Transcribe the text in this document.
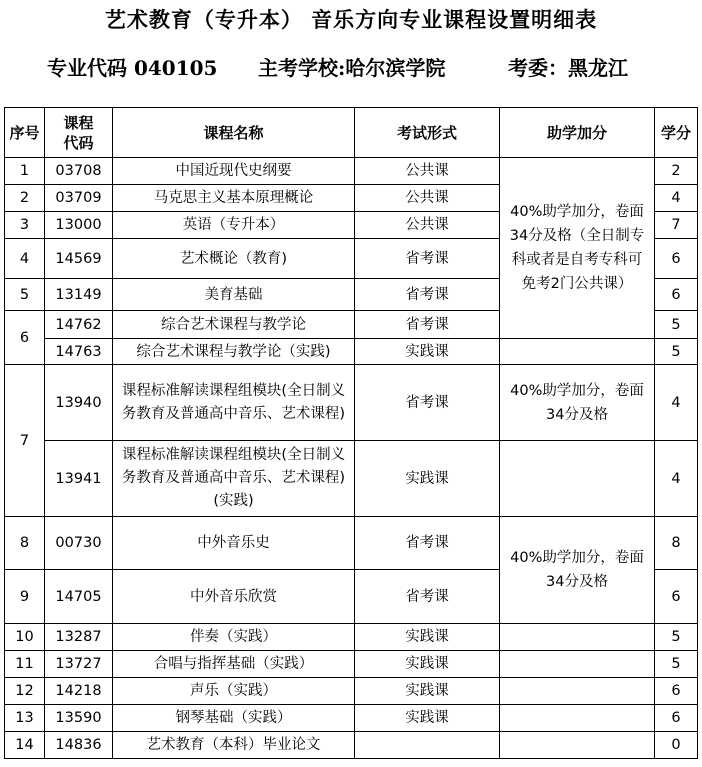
艺术教育（专升本） 音乐方向专业课程设置明细表
专业代码 040105 主考学校:哈尔滨学院	考委：黑龙江
序号	课程代码	课程名称	考试形式	助学加分	学分
1	03708	中国近现代史纲要	公共课	40%助学加分，卷面34分及格（全日制专科或者是自考专科可免考2门公共课）	2
2	03709	马克思主义基本原理概论	公共课		4
3	13000	英语（专升本）	公共课		7
4	14569	艺术概论（教育)	省考课		6
5	13149	美育基础	省考课		6
6	14762	综合艺术课程与教学论	省考课		5
	14763	综合艺术课程与教学论（实践)	实践课		5
7	13940	课程标准解读课程组模块(全日制义务教育及普通高中音乐、艺术课程)	省考课	40%助学加分，卷面34分及格	4
	13941	课程标准解读课程组模块(全日制义务教育及普通高中音乐、艺术课程)(实践)	实践课		4
8	00730	中外音乐史	省考课	40%助学加分，卷面34分及格	8
9	14705	中外音乐欣赏	省考课		6
10	13287	伴奏（实践）	实践课		5
11	13727	合唱与指挥基础（实践）	实践课		5
12	14218	声乐（实践）	实践课		6
13	13590	钢琴基础（实践）	实践课		6
14	14836	艺术教育（本科）毕业论文			0
